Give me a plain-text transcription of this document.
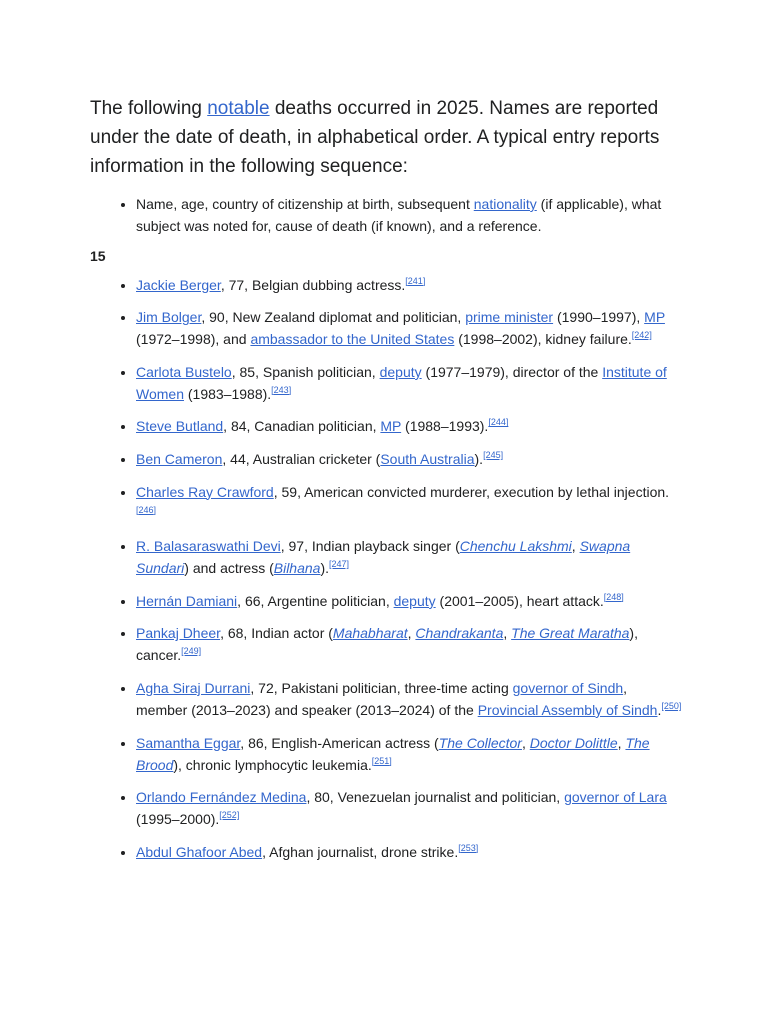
The following notable deaths occurred in 2025. Names are reported under the date of death, in alphabetical order. A typical entry reports information in the following sequence:

• Name, age, country of citizenship at birth, subsequent nationality (if applicable), what subject was noted for, cause of death (if known), and a reference.
15
• Jackie Berger, 77, Belgian dubbing actress.[241]
• Jim Bolger, 90, New Zealand diplomat and politician, prime minister (1990–1997), MP (1972–1998), and ambassador to the United States (1998–2002), kidney failure.[242]
• Carlota Bustelo, 85, Spanish politician, deputy (1977–1979), director of the Institute of Women (1983–1988).[243]
• Steve Butland, 84, Canadian politician, MP (1988–1993).[244]
• Ben Cameron, 44, Australian cricketer (South Australia).[245]
• Charles Ray Crawford, 59, American convicted murderer, execution by lethal injection.[246]
• R. Balasaraswathi Devi, 97, Indian playback singer (Chenchu Lakshmi, Swapna Sundari) and actress (Bilhana).[247]
• Hernán Damiani, 66, Argentine politician, deputy (2001–2005), heart attack.[248]
• Pankaj Dheer, 68, Indian actor (Mahabharat, Chandrakanta, The Great Maratha), cancer.[249]
• Agha Siraj Durrani, 72, Pakistani politician, three-time acting governor of Sindh, member (2013–2023) and speaker (2013–2024) of the Provincial Assembly of Sindh.[250]
• Samantha Eggar, 86, English-American actress (The Collector, Doctor Dolittle, The Brood), chronic lymphocytic leukemia.[251]
• Orlando Fernández Medina, 80, Venezuelan journalist and politician, governor of Lara (1995–2000).[252]
• Abdul Ghafoor Abed, Afghan journalist, drone strike.[253]
